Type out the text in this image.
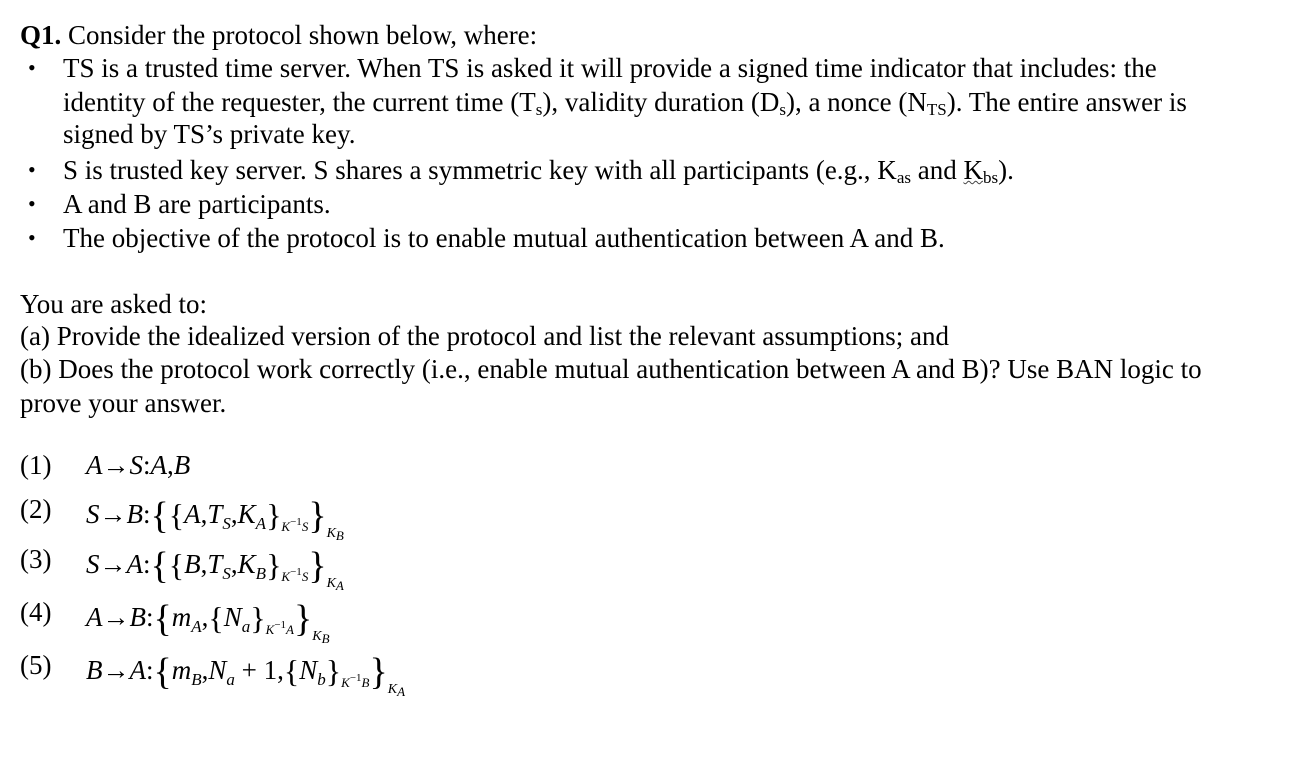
Q1. Consider the protocol shown below, where:
• TS is a trusted time server. When TS is asked it will provide a signed time indicator that includes: the
identity of the requester, the current time $(T_s)$, validity duration $(D_s)$, a nonce $(N_{TS})$. The entire answer is
signed by TS’s private key.
• S is trusted key server. S shares a symmetric key with all participants (e.g., $K_{as}$ and $K_{bs}$).
• A and B are participants.
• The objective of the protocol is to enable mutual authentication between A and B.
You are asked to:
(a) Provide the idealized version of the protocol and list the relevant assumptions; and
(b) Does the protocol work correctly (i.e., enable mutual authentication between A and B)? Use BAN logic to
prove your answer.
(1) A→S:A,B
(2) $S\to B:\{\{A,T_S,K_A\}_{K^{-1}S}\}_{KB}$
(3) $S\to A:\{\{B,T_S,K_B\}_{K^{-1}S}\}_{KA}$
(4) $A\to B:\{m_A,\{N_a\}_{K^{-1}A}\}_{KB}$
(5) $B\to A:\{m_B,N_a + 1,\{N_b\}_{K^{-1}B}\}_{KA}$
